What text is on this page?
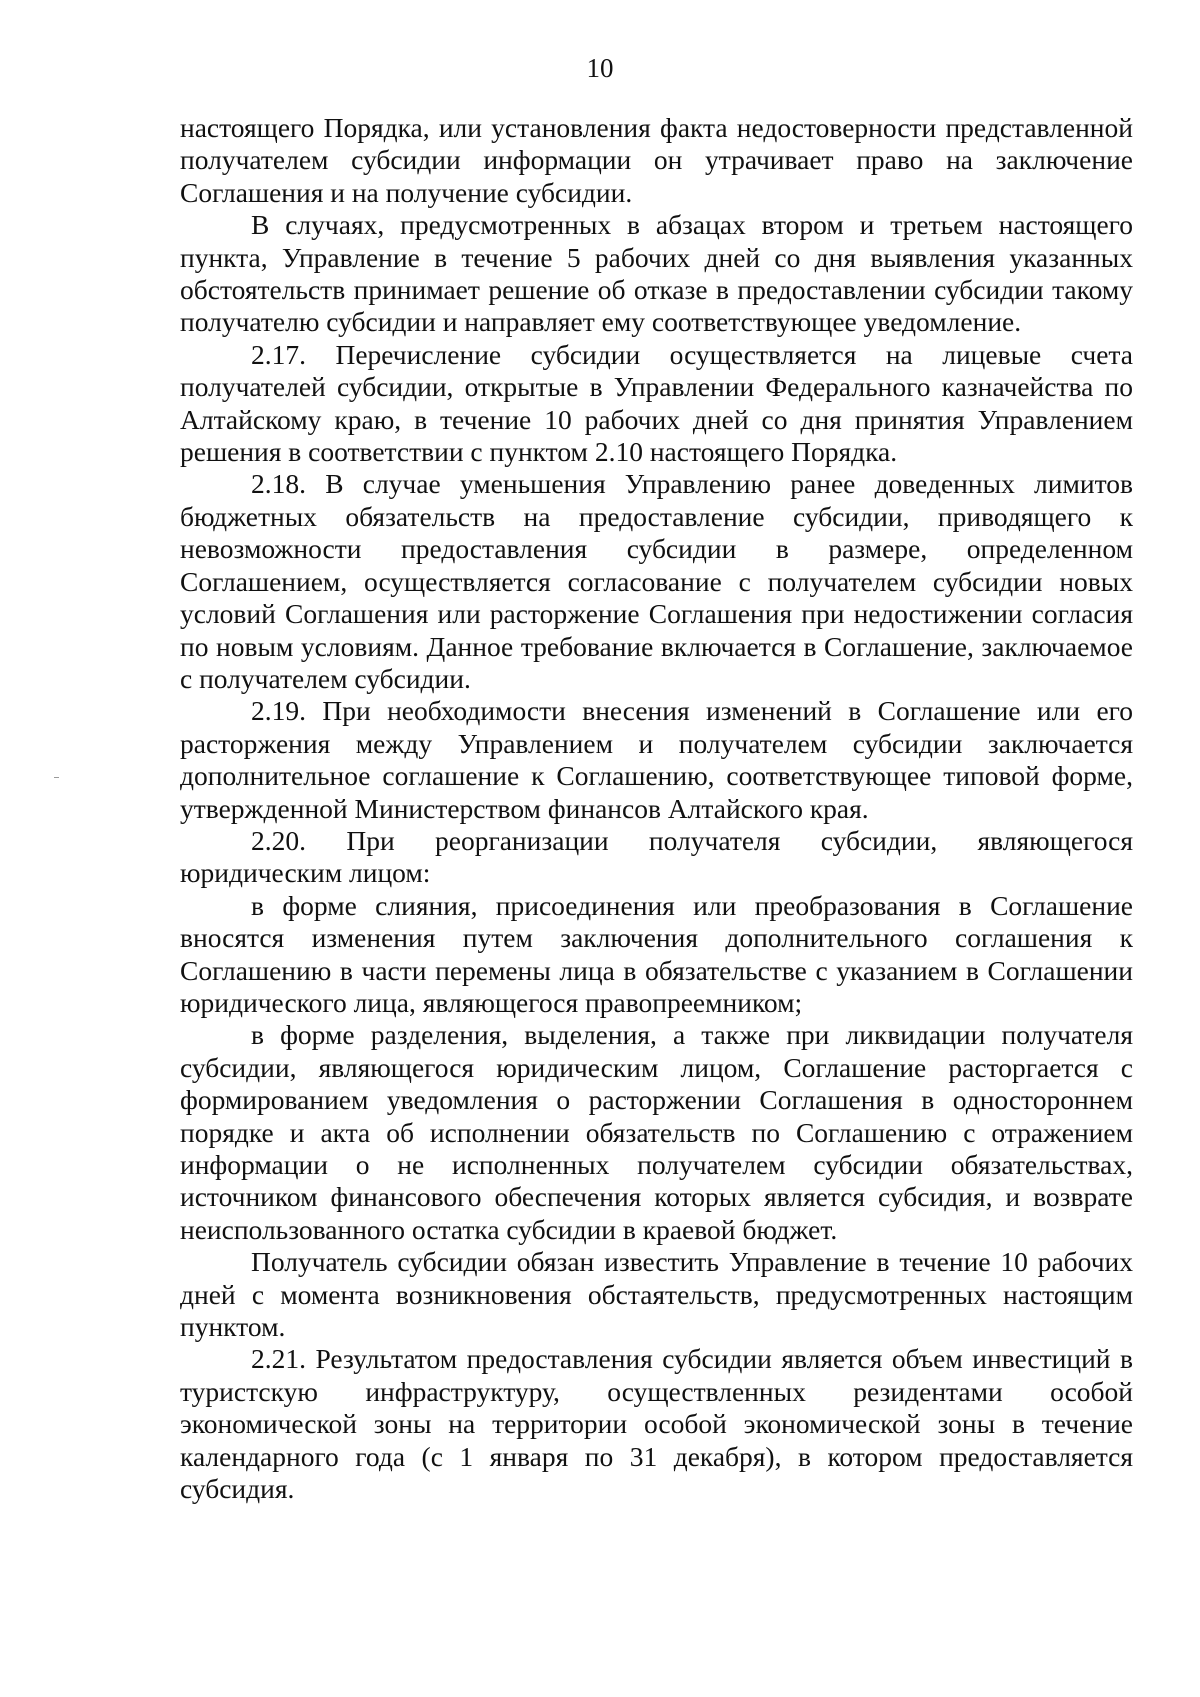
10

настоящего Порядка, или установления факта недостоверности представленной получателем субсидии информации он утрачивает право на заключение Соглашения и на получение субсидии.

В случаях, предусмотренных в абзацах втором и третьем настоящего пункта, Управление в течение 5 рабочих дней со дня выявления указанных обстоятельств принимает решение об отказе в предоставлении субсидии такому получателю субсидии и направляет ему соответствующее уведомление.

2.17. Перечисление субсидии осуществляется на лицевые счета получателей субсидии, открытые в Управлении Федерального казначейства по Алтайскому краю, в течение 10 рабочих дней со дня принятия Управлением решения в соответствии с пунктом 2.10 настоящего Порядка.

2.18. В случае уменьшения Управлению ранее доведенных лимитов бюджетных обязательств на предоставление субсидии, приводящего к невозможности предоставления субсидии в размере, определенном Соглашением, осуществляется согласование с получателем субсидии новых условий Соглашения или расторжение Соглашения при недостижении согласия по новым условиям. Данное требование включается в Соглашение, заключаемое с получателем субсидии.

2.19. При необходимости внесения изменений в Соглашение или его расторжения между Управлением и получателем субсидии заключается дополнительное соглашение к Соглашению, соответствующее типовой форме, утвержденной Министерством финансов Алтайского края.

2.20. При реорганизации получателя субсидии, являющегося юридическим лицом:

в форме слияния, присоединения или преобразования в Соглашение вносятся изменения путем заключения дополнительного соглашения к Соглашению в части перемены лица в обязательстве с указанием в Соглашении юридического лица, являющегося правопреемником;

в форме разделения, выделения, а также при ликвидации получателя субсидии, являющегося юридическим лицом, Соглашение расторгается с формированием уведомления о расторжении Соглашения в одностороннем порядке и акта об исполнении обязательств по Соглашению с отражением информации о не исполненных получателем субсидии обязательствах, источником финансового обеспечения которых является субсидия, и возврате неиспользованного остатка субсидии в краевой бюджет.

Получатель субсидии обязан известить Управление в течение 10 рабочих дней с момента возникновения обстаятельств, предусмотренных настоящим пунктом.

2.21. Результатом предоставления субсидии является объем инвестиций в туристскую инфраструктуру, осуществленных резидентами особой экономической зоны на территории особой экономической зоны в течение календарного года (с 1 января по 31 декабря), в котором предоставляется субсидия.
